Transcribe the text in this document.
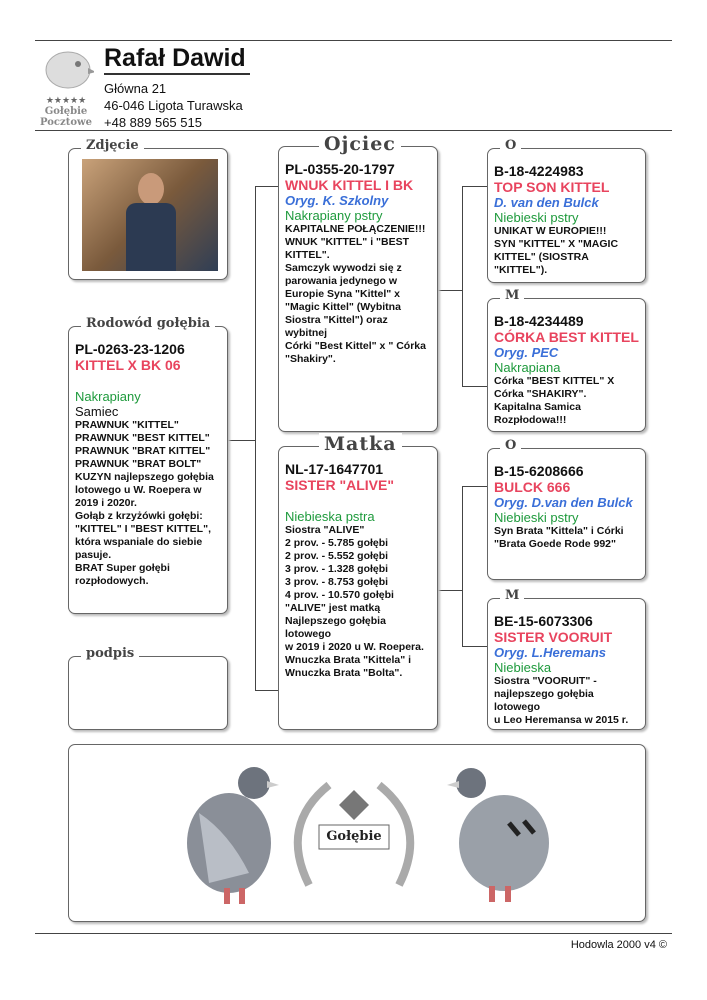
★★★★★
Gołębie
Pocztowe
Rafał Dawid
Główna 21
46-046 Ligota Turawska
+48 889 565 515
Zdjęcie
Rodowód gołębia
PL-0263-23-1206
KITTEL X BK 06
Nakrapiany
Samiec
PRAWNUK "KITTEL"
PRAWNUK "BEST KITTEL"
PRAWNUK "BRAT KITTEL"
PRAWNUK "BRAT BOLT"
KUZYN najlepszego gołębia lotowego u W. Roepera w 2019 i 2020r.
Gołąb z krzyżówki gołębi: "KITTEL" I "BEST KITTEL", która wspaniale do siebie pasuje.
BRAT Super gołębi rozpłodowych.
podpis
Ojciec
PL-0355-20-1797
WNUK KITTEL I BK
Oryg. K. Szkolny
Nakrapiany pstry
KAPITALNE POŁĄCZENIE!!!
WNUK "KITTEL" i "BEST KITTEL".
Samczyk wywodzi się z parowania jedynego w Europie Syna "Kittel" x "Magic Kittel" (Wybitna Siostra "Kittel") oraz wybitnej
Córki "Best Kittel" x " Córka "Shakiry".
Matka
NL-17-1647701
SISTER "ALIVE"
Niebieska pstra
Siostra "ALIVE"
2 prov. - 5.785 gołębi
2 prov. - 5.552 gołębi
3 prov. - 1.328 gołębi
3 prov. - 8.753 gołębi
4 prov. - 10.570 gołębi
"ALIVE" jest matką Najlepszego gołębia lotowego
w 2019 i 2020 u W. Roepera.
Wnuczka Brata "Kittela" i Wnuczka Brata "Bolta".
O
B-18-4224983
TOP SON KITTEL
D. van den Bulck
Niebieski pstry
UNIKAT W EUROPIE!!!
SYN "KITTEL" X "MAGIC KITTEL" (SIOSTRA "KITTEL").
M
B-18-4234489
CÓRKA BEST KITTEL
Oryg. PEC
Nakrapiana
Córka "BEST KITTEL" X Córka "SHAKIRY".
Kapitalna Samica Rozpłodowa!!!
O
B-15-6208666
BULCK 666
Oryg. D.van den Bulck
Niebieski pstry
Syn Brata "Kittela" i Córki "Brata Goede Rode 992"
M
BE-15-6073306
SISTER VOORUIT
Oryg. L.Heremans
Niebieska
Siostra "VOORUIT" - najlepszego gołębia lotowego
u Leo Heremansa w 2015 r.
Gołębie
Hodowla 2000 v4 ©
